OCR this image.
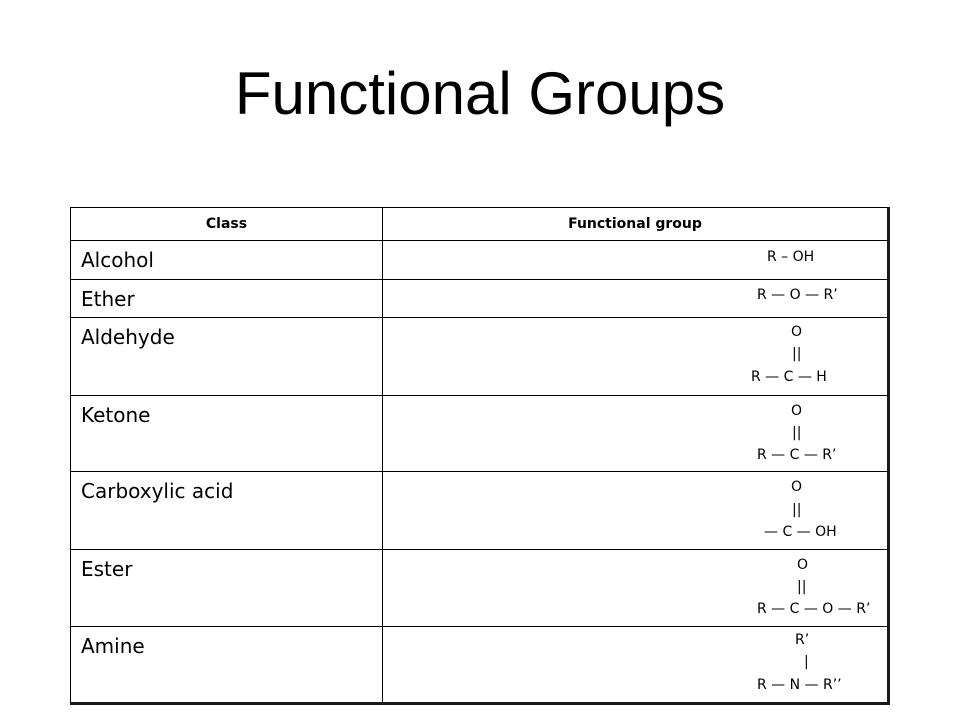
Functional Groups
Class	Functional group
Alcohol	R – OH

Ether	R — O — R’

Aldehyde	O
||
R — C — H

Ketone	O
||
R — C — R’

Carboxylic acid	O
||
— C — OH

Ester	O
||
R — C — O — R’

Amine	R’
|
R — N — R’’
